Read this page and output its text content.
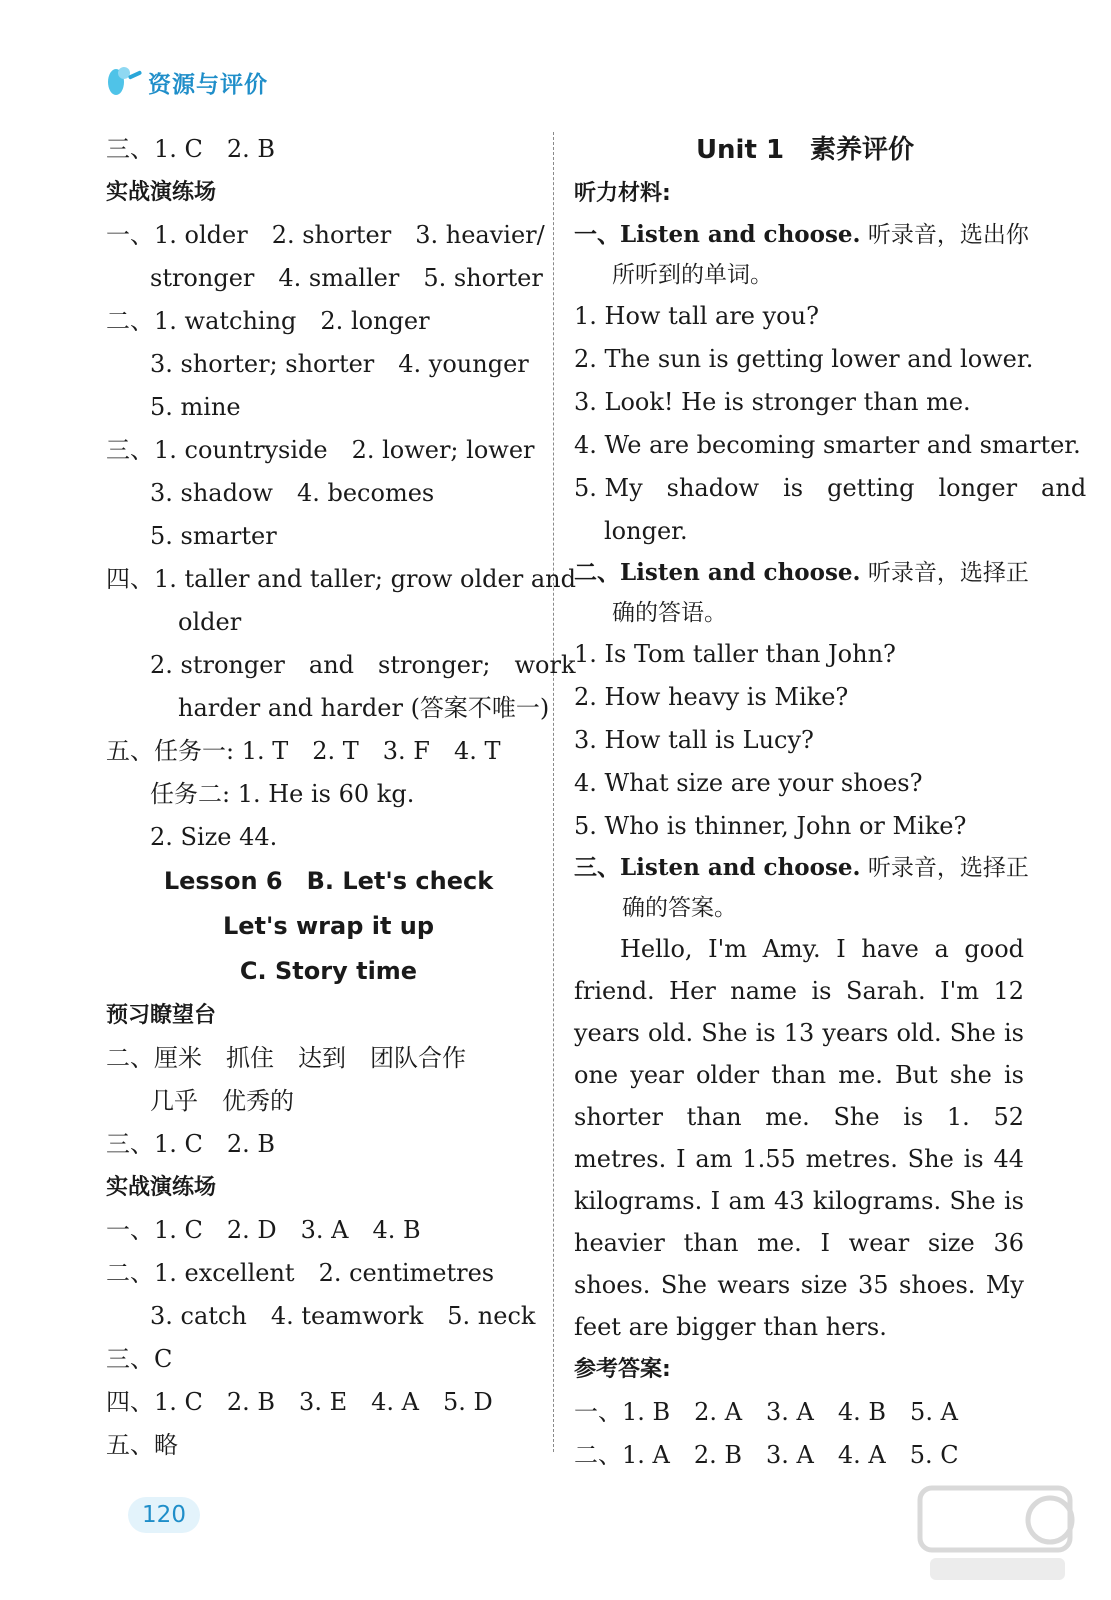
资源与评价
三、1. C　2. B
实战演练场
一、1. older　2. shorter　3. heavier/
stronger　4. smaller　5. shorter
二、1. watching　2. longer
3. shorter; shorter　4. younger
5. mine
三、1. countryside　2. lower; lower
3. shadow　4. becomes
5. smarter
四、1. taller and taller; grow older and
older
2. stronger　and　stronger;　work
harder and harder (答案不唯一)
五、任务一: 1. T　2. T　3. F　4. T
任务二: 1. He is 60 kg.
2. Size 44.
Lesson 6　B. Let's check
Let's wrap it up
C. Story time
预习瞭望台
二、厘米　抓住　达到　团队合作
几乎　优秀的
三、1. C　2. B
实战演练场
一、1. C　2. D　3. A　4. B
二、1. excellent　2. centimetres
3. catch　4. teamwork　5. neck
三、C
四、1. C　2. B　3. E　4. A　5. D
五、略
Unit 1　素养评价
听力材料:
一、Listen and choose. 听录音，选出你
所听到的单词。
1. How tall are you?
2. The sun is getting lower and lower.
3. Look! He is stronger than me.
4. We are becoming smarter and smarter.
5. My　shadow　is　getting　longer　and
longer.
二、Listen and choose. 听录音，选择正
确的答语。
1. Is Tom taller than John?
2. How heavy is Mike?
3. How tall is Lucy?
4. What size are your shoes?
5. Who is thinner, John or Mike?
三、Listen and choose. 听录音，选择正
确的答案。
Hello, I'm Amy. I have a good friend. Her name is Sarah. I'm 12 years old. She is 13 years old. She is one year older than me. But she is shorter than me. She is 1. 52 metres. I am 1.55 metres. She is 44 kilograms. I am 43 kilograms. She is heavier than me. I wear size 36 shoes. She wears size 35 shoes. My feet are bigger than hers.
参考答案:
一、1. B　2. A　3. A　4. B　5. A
二、1. A　2. B　3. A　4. A　5. C
120
